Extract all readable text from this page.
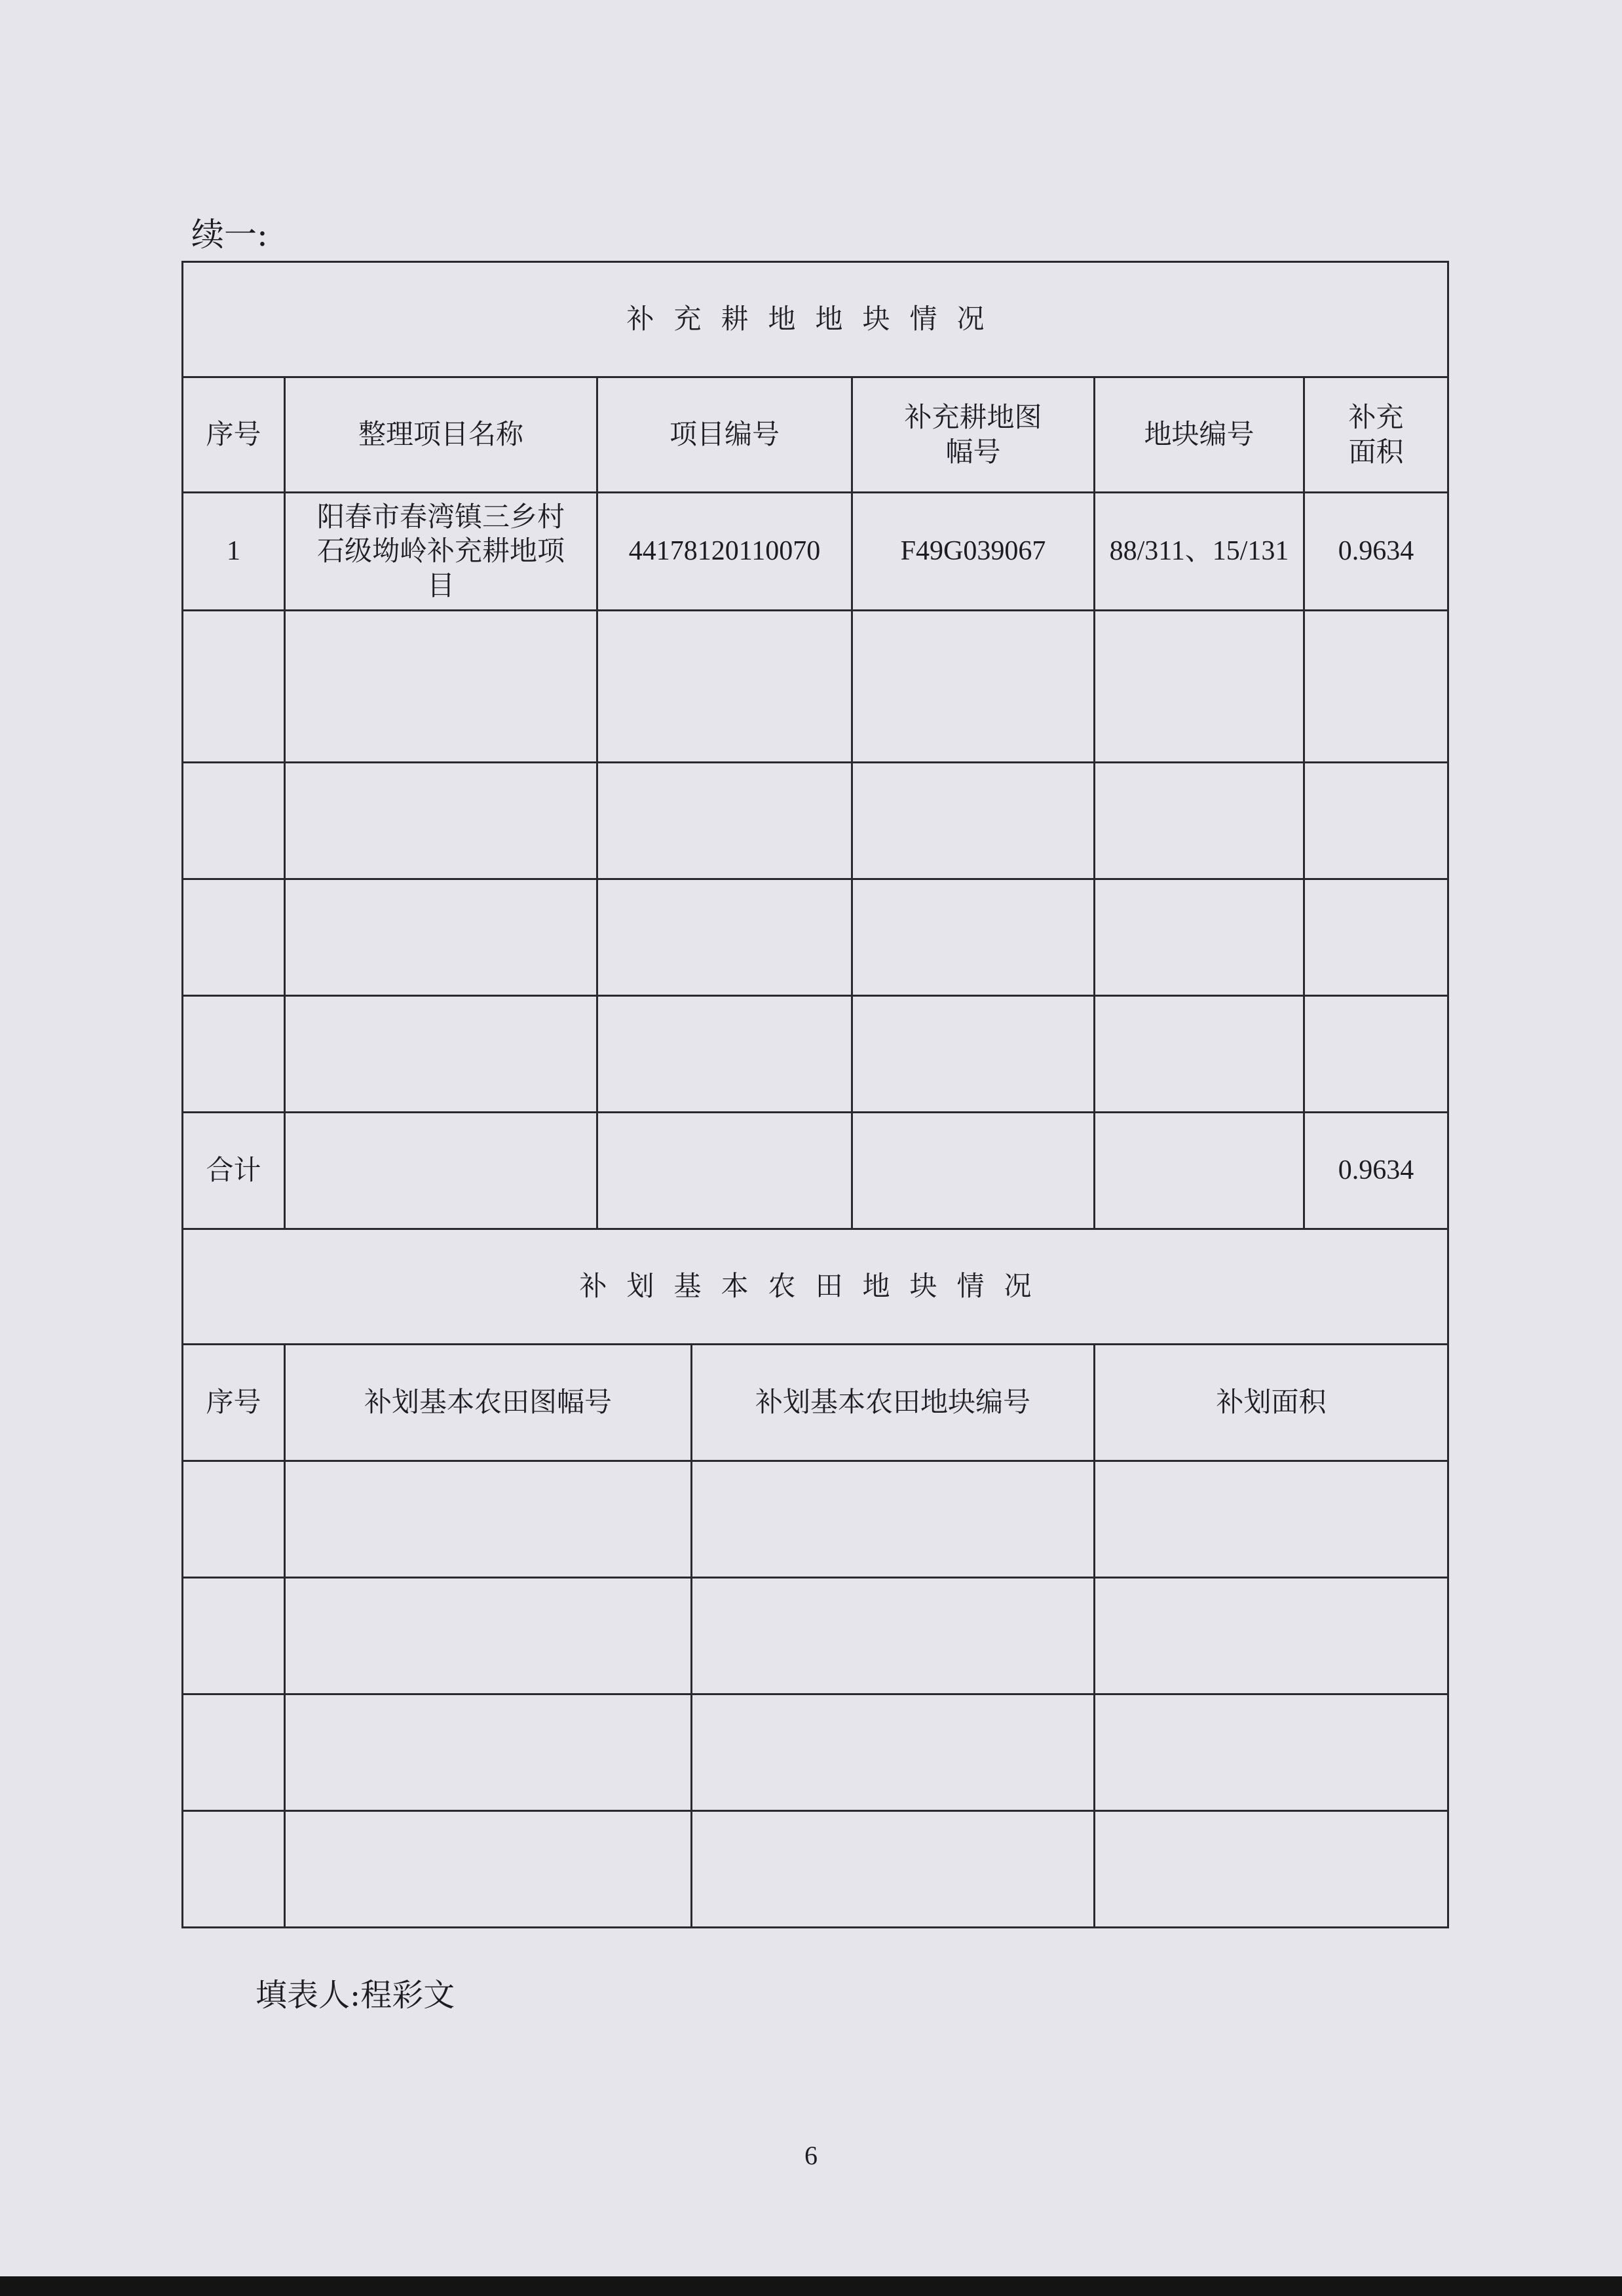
续一:
补充耕地地块情况						
序号	整理项目名称	项目编号		补充耕地图幅号	地块编号	补充面积
1	阳春市春湾镇三乡村石级坳岭补充耕地项目	44178120110070		F49G039067	88/311、15/131	0.9634

合计						0.9634
补划基本农田地块情况						
序号	补划基本农田图幅号		补划基本农田地块编号		补划面积	

填表人:程彩文
6
